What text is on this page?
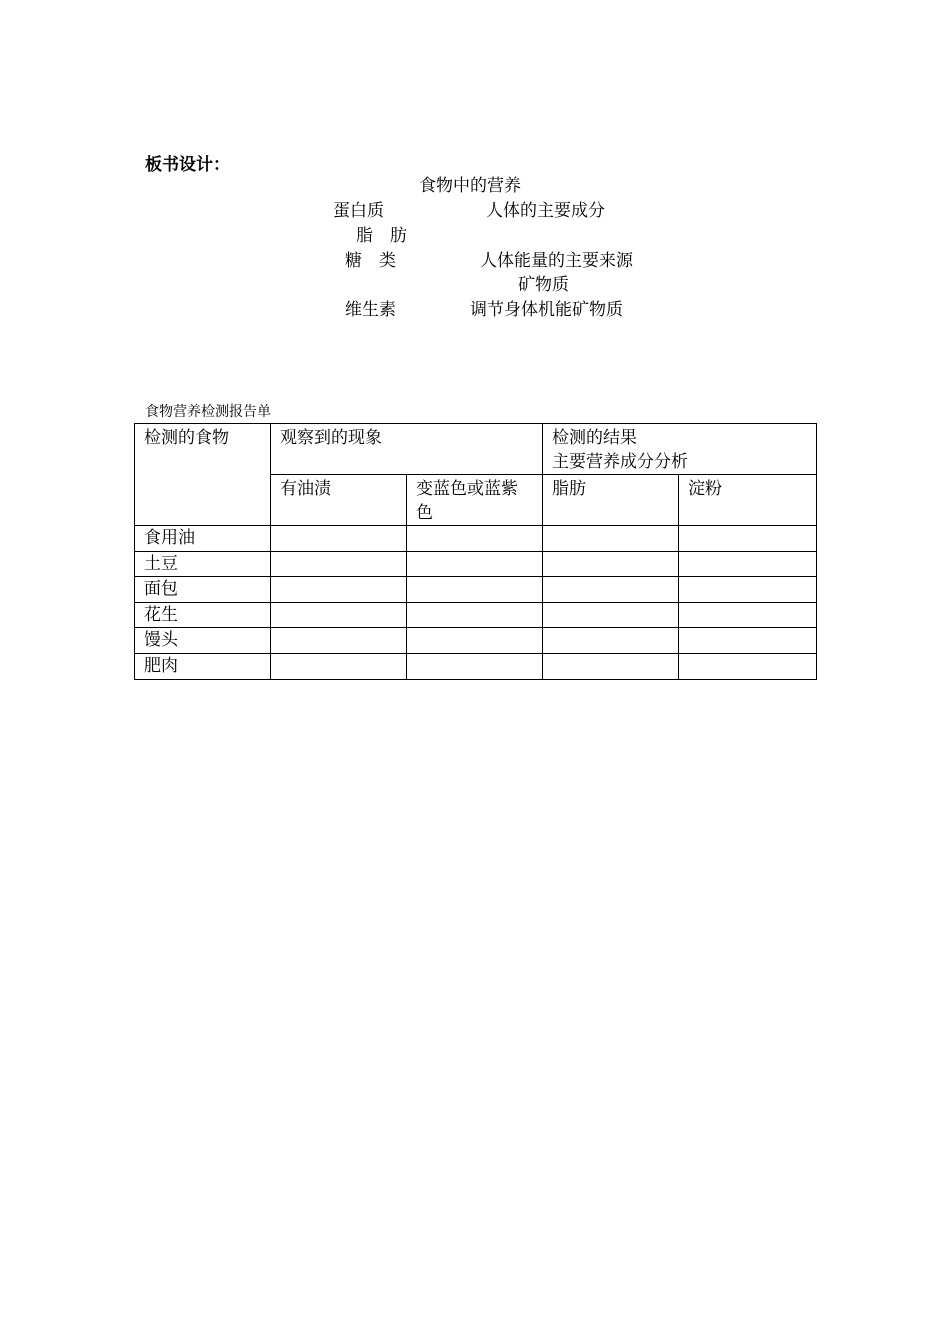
板书设计：
食物中的营养
蛋白质	人体的主要成分
脂　肪
糖　类	人体能量的主要来源
矿物质
维生素	调节身体机能矿物质
食物营养检测报告单
检测的食物	观察到的现象		检测的结果
主要营养成分分析	

	有油渍	变蓝色或蓝紫色	脂肪	淀粉
食用油				
土豆				
面包				
花生				
馒头				
肥肉				
